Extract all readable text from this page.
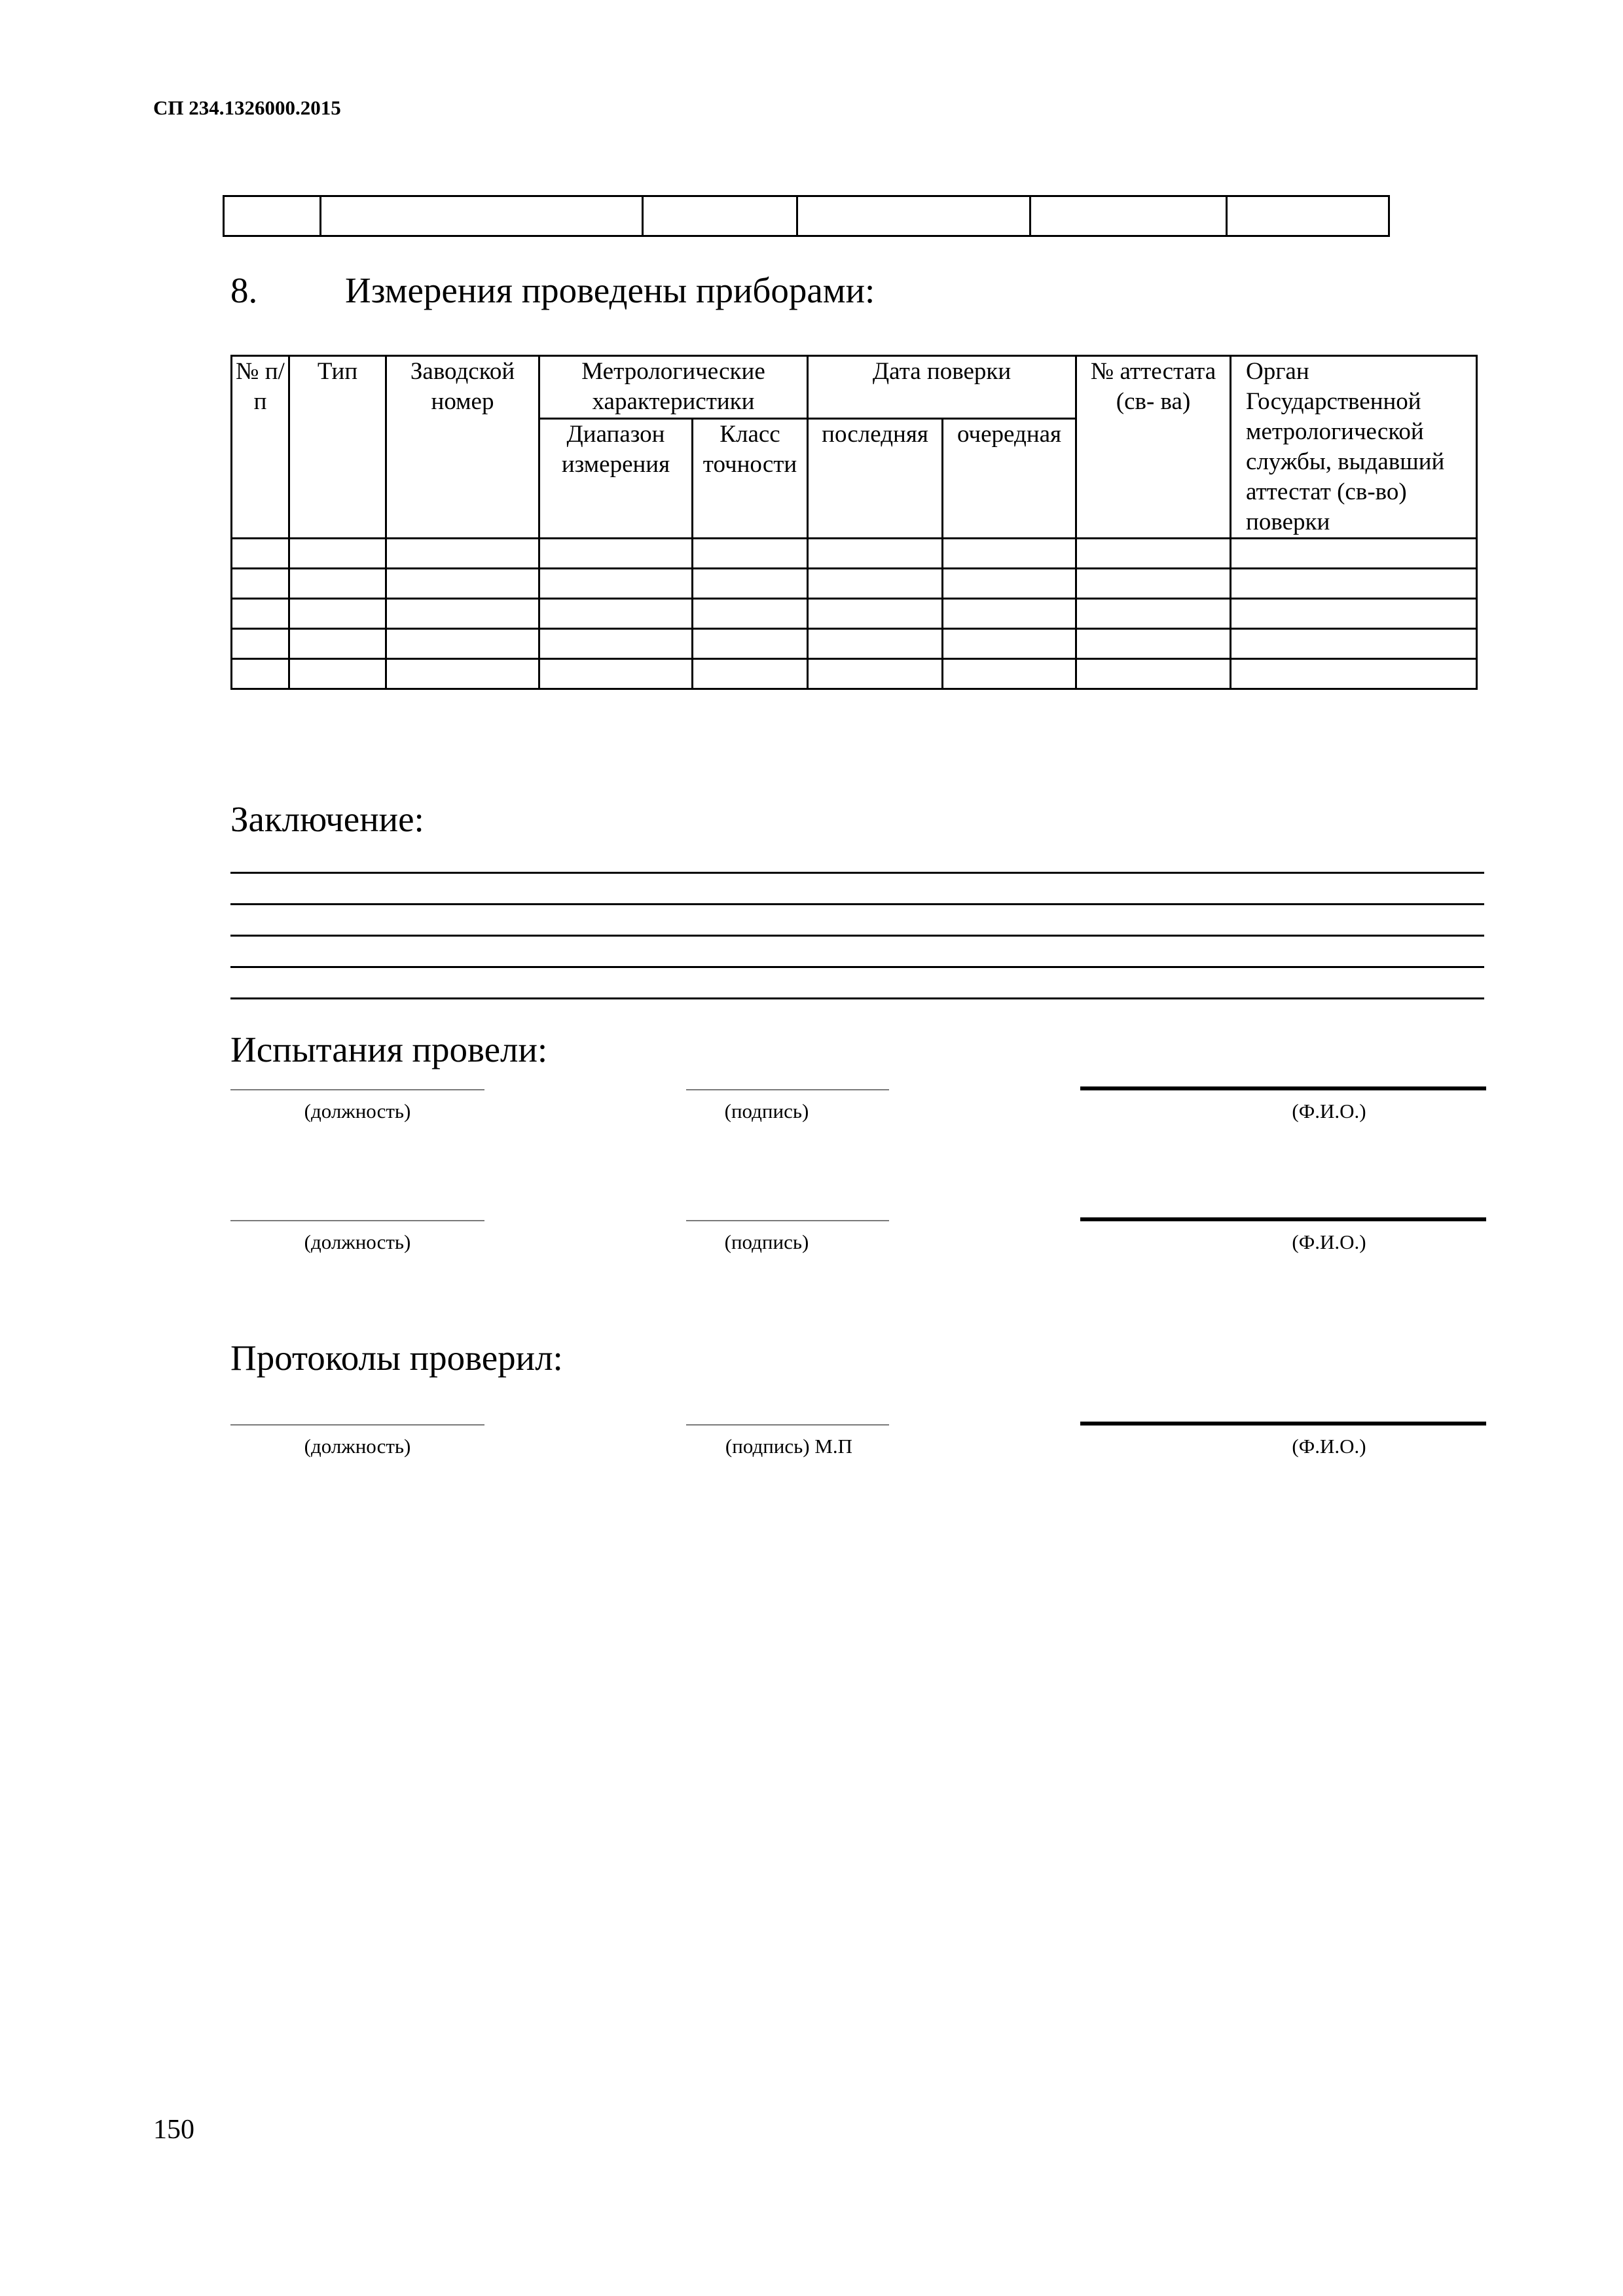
СП 234.1326000.2015

8. Измерения проведены приборами:
№ п/п	Тип	Заводской номер	Метрологические характеристики		Дата поверки		№ аттестата (св- ва)	Орган Государственной метрологической службы, выдавший аттестат (св-во) поверки
			Диапазон измерения	Класс точности	последняя	очередная		

Заключение:
Испытания провели:
(должность)	(подпись)	(Ф.И.О.)
(должность)	(подпись)	(Ф.И.О.)
Протоколы проверил:
(должность)	(подпись) М.П	(Ф.И.О.)
150
